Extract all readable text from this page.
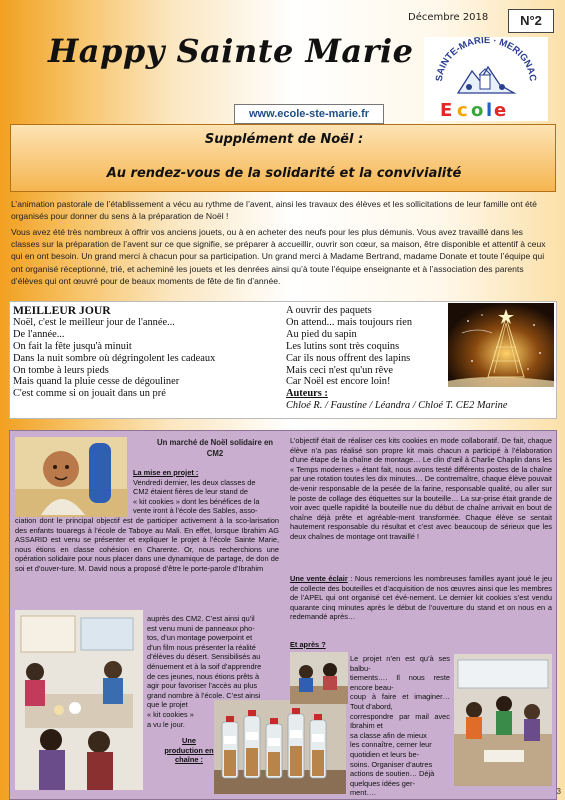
Décembre 2018	N°2
Happy Sainte Marie
SAINTE-MARIE · MERIGNAC
E c o l e
www.ecole-ste-marie.fr
Supplément de Noël :
Au rendez-vous de la solidarité et la convivialité

L’animation pastorale de l’établissement a vécu au rythme de l’avent, ainsi les travaux des élèves et les sollicitations de leur famille ont été organisés pour donner du sens à la préparation de Noël !

Vous avez été très nombreux à offrir vos anciens jouets, ou à en acheter des neufs pour les plus démunis. Vous avez travaillé dans les classes sur la préparation de l’avent sur ce que signifie, se préparer à accueillir, ouvrir son cœur, sa maison, être disponible et attentif à ceux qui en ont besoin. Un grand merci à chacun pour sa participation. Un grand merci à Madame Bertrand, madame Donate et toute l’équipe qui ont organisé réceptionné, trié, et acheminé les jouets et les denrées ainsi qu’à toute l’équipe enseignante et à l’association des parents d’élèves qui ont œuvré pour de beaux moments de fête de fin d’année.

MEILLEUR JOUR
Noël, c'est le meilleur jour de l'année...
De l'année...
On fait la fête jusqu'à minuit
Dans la nuit sombre où dégringolent les cadeaux
On tombe à leurs pieds
Mais quand la pluie cesse de dégouliner
C'est comme si on jouait dans un pré
A ouvrir des paquets
On attend... mais toujours rien
Au pied du sapin
Les lutins sont très coquins
Car ils nous offrent des lapins
Mais ceci n'est qu'un rêve
Car Noël est encore loin!
Auteurs :
Chloé R. / Faustine / Léandra / Chloé T. CE2 Marine
Un marché de Noël solidaire en
CM2
La mise en projet :
Vendredi dernier, les deux classes de
CM2 étaient fières de leur stand de
« kit cookies » dont les bénéfices de la
vente iront à l’école des Sables, asso-

ciation dont le principal objectif est de participer activement à la sco-larisation des enfants touaregs à l’école de Taboye au Mali. En effet, lorsque Ibrahim AG ASSARID est venu se présenter et expliquer le projet à l’école Sainte Marie, nous étions en classe cohésion en Charente. Or, nous recherchions une opération solidaire pour nous placer dans une dynamique de partage, de don de soi et d’ouver-ture. M. David nous a proposé d’être le porte-parole d’Ibrahim

auprès des CM2. C’est ainsi qu’il
est venu muni de panneaux pho-
tos, d’un montage powerpoint et
d’un film nous présenter la réalité
d’élèves du désert. Sensibilisés au
dénuement et à la soif d’apprendre
de ces jeunes, nous étions prêts à
agir pour favoriser l’accès au plus
grand nombre à l’école. C’est ainsi
que le projet
« kit cookies »
a vu le jour.
Une
production en
chaîne :

L’objectif était de réaliser ces kits cookies en mode collaboratif. De fait, chaque élève n’a pas réalisé son propre kit mais chacun a participé à l’élaboration d’une étape de la chaîne de montage… Le clin d’œil à Charlie Chaplin dans les « Temps modernes » étant fait, nous avons testé différents postes de la chaîne par une rotation toutes les dix minutes… De contremaître, chaque élève pouvait de-venir responsable de la pesée de la farine, responsable qualité, ou aller sur le poste de collage des étiquettes sur la bouteille… La sur-prise était grande de voir avec quelle rapidité la bouteille nue du début de chaîne arrivait en bout de chaîne déjà prête et agréable-ment transformée. Chaque élève se sentait hautement responsable du résultat et c’est avec beaucoup de sérieux que les deux chaînes de montage ont travaillé !

Une vente éclair : Nous remercions les nombreuses familles ayant joué le jeu de collecte des bouteilles et d’acquisition de nos œuvres ainsi que les membres de l’APEL qui ont organisé cet évé-nement. Le dernier kit cookies s’est vendu quarante cinq minutes après le début de l’ouverture du stand et on nous en a redemandé après…

Et après ?
Le projet n’en est qu’à ses balbu-
tiements…. Il nous reste encore beau-
coup à faire et imaginer… Tout d’abord,
correspondre par mail avec Ibrahim et
sa classe afin de mieux
les connaître, cerner leur
quotidien et leurs be-
soins. Organiser d’autres
actions de soutien… Déjà
quelques idées ger-
ment….	3
